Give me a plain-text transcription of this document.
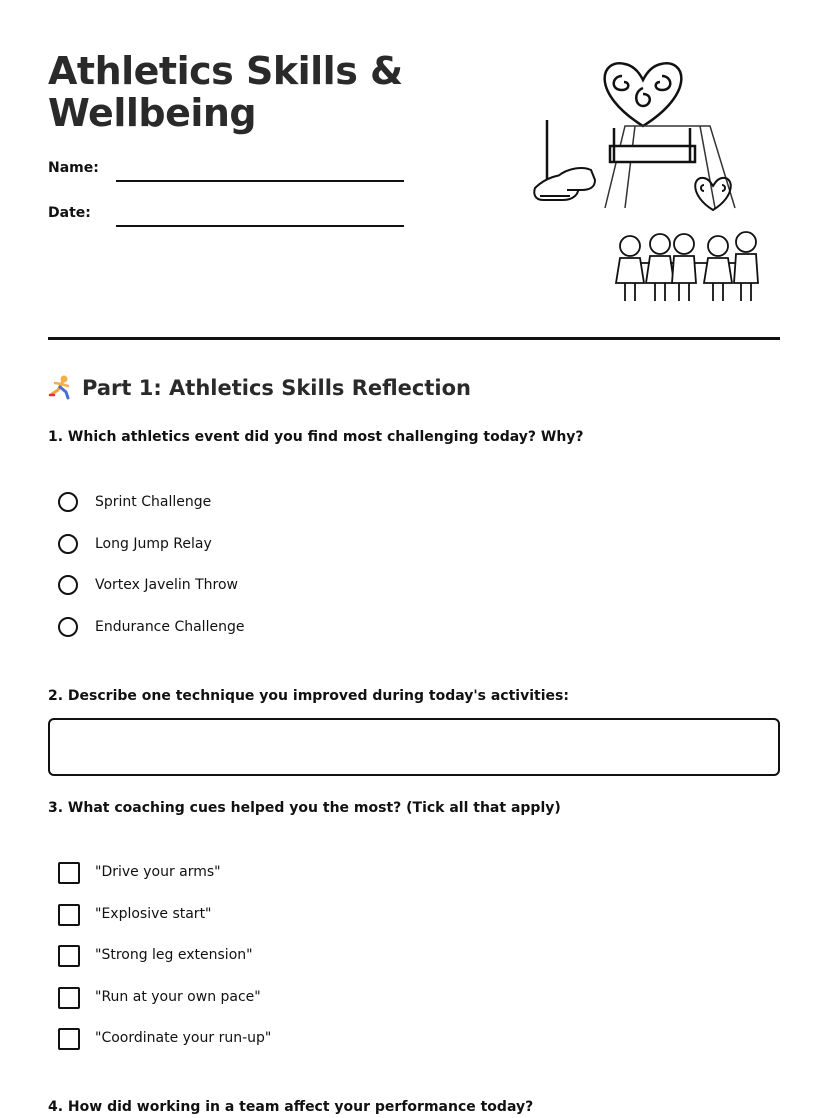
Athletics Skills & Wellbeing
Name:
Date:
Part 1: Athletics Skills Reflection
1. Which athletics event did you find most challenging today? Why?
Sprint Challenge
Long Jump Relay
Vortex Javelin Throw
Endurance Challenge
2. Describe one technique you improved during today's activities:
3. What coaching cues helped you the most? (Tick all that apply)
"Drive your arms"
"Explosive start"
"Strong leg extension"
"Run at your own pace"
"Coordinate your run-up"
4. How did working in a team affect your performance today?
